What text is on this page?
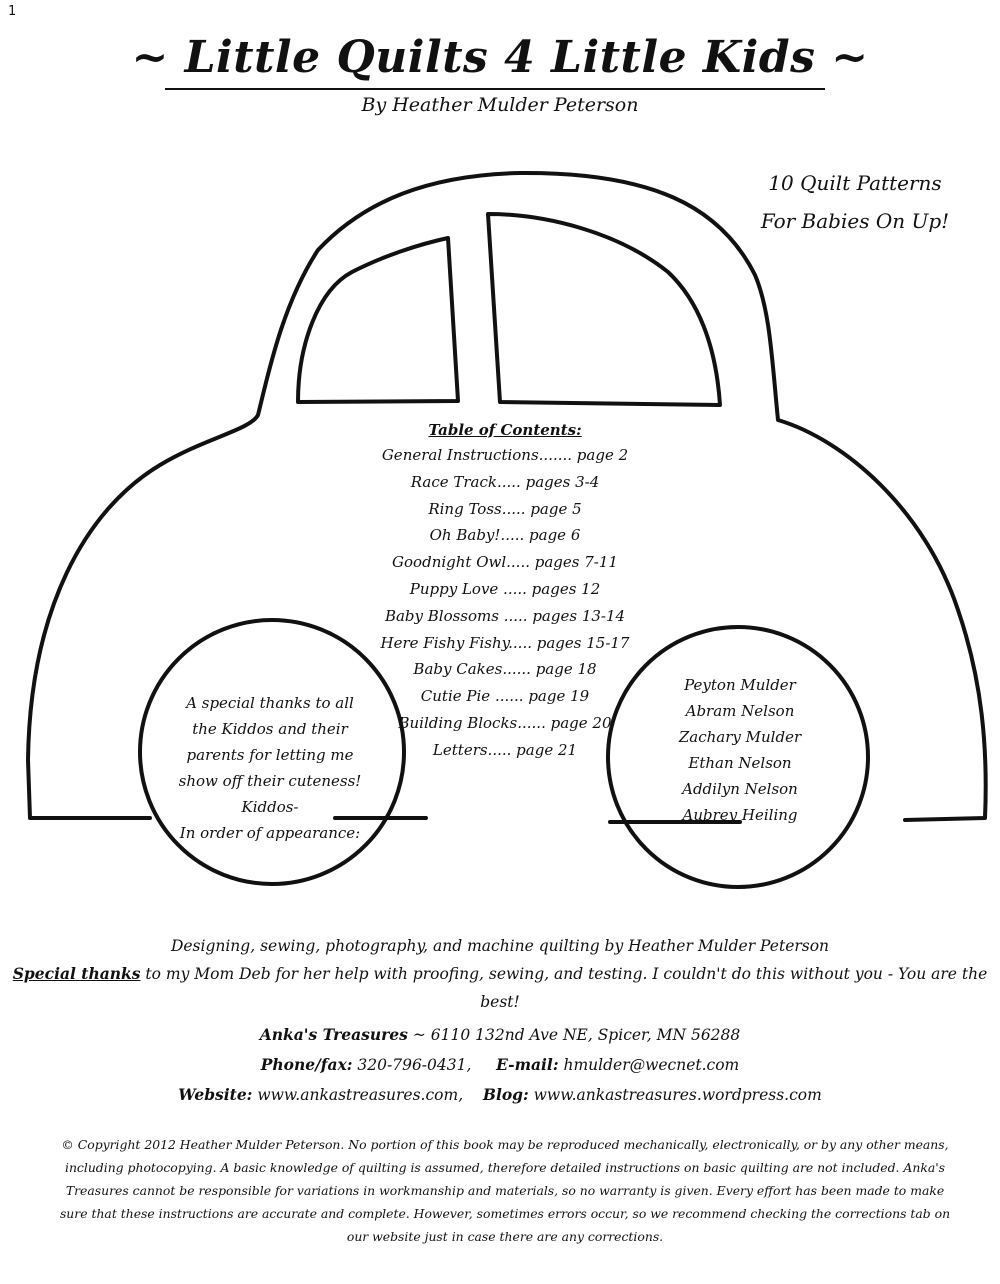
1
~ Little Quilts 4 Little Kids ~
By Heather Mulder Peterson
10 Quilt Patterns
For Babies On Up!
Table of Contents:
General Instructions....... page 2
Race Track..... pages 3-4
Ring Toss..... page 5
Oh Baby!..... page 6
Goodnight Owl..... pages 7-11
Puppy Love ..... pages 12
Baby Blossoms ..... pages 13-14
Here Fishy Fishy..... pages 15-17
Baby Cakes...... page 18
Cutie Pie ...... page 19
Building Blocks...... page 20
Letters..... page 21
A special thanks to all
the Kiddos and their
parents for letting me
show off their cuteness!
Kiddos-
In order of appearance:
Peyton Mulder
Abram Nelson
Zachary Mulder
Ethan Nelson
Addilyn Nelson
Aubrey Heiling
Designing, sewing, photography, and machine quilting by Heather Mulder Peterson
Special thanks to my Mom Deb for her help with proofing, sewing, and testing. I couldn't do this without you - You are the best!
Anka's Treasures ~ 6110 132nd Ave NE, Spicer, MN 56288
Phone/fax: 320-796-0431, E-mail: hmulder@wecnet.com
Website: www.ankastreasures.com, Blog: www.ankastreasures.wordpress.com
© Copyright 2012 Heather Mulder Peterson. No portion of this book may be reproduced mechanically, electronically, or by any other means, including photocopying. A basic knowledge of quilting is assumed, therefore detailed instructions on basic quilting are not included. Anka's Treasures cannot be responsible for variations in workmanship and materials, so no warranty is given. Every effort has been made to make sure that these instructions are accurate and complete. However, sometimes errors occur, so we recommend checking the corrections tab on our website just in case there are any corrections.
